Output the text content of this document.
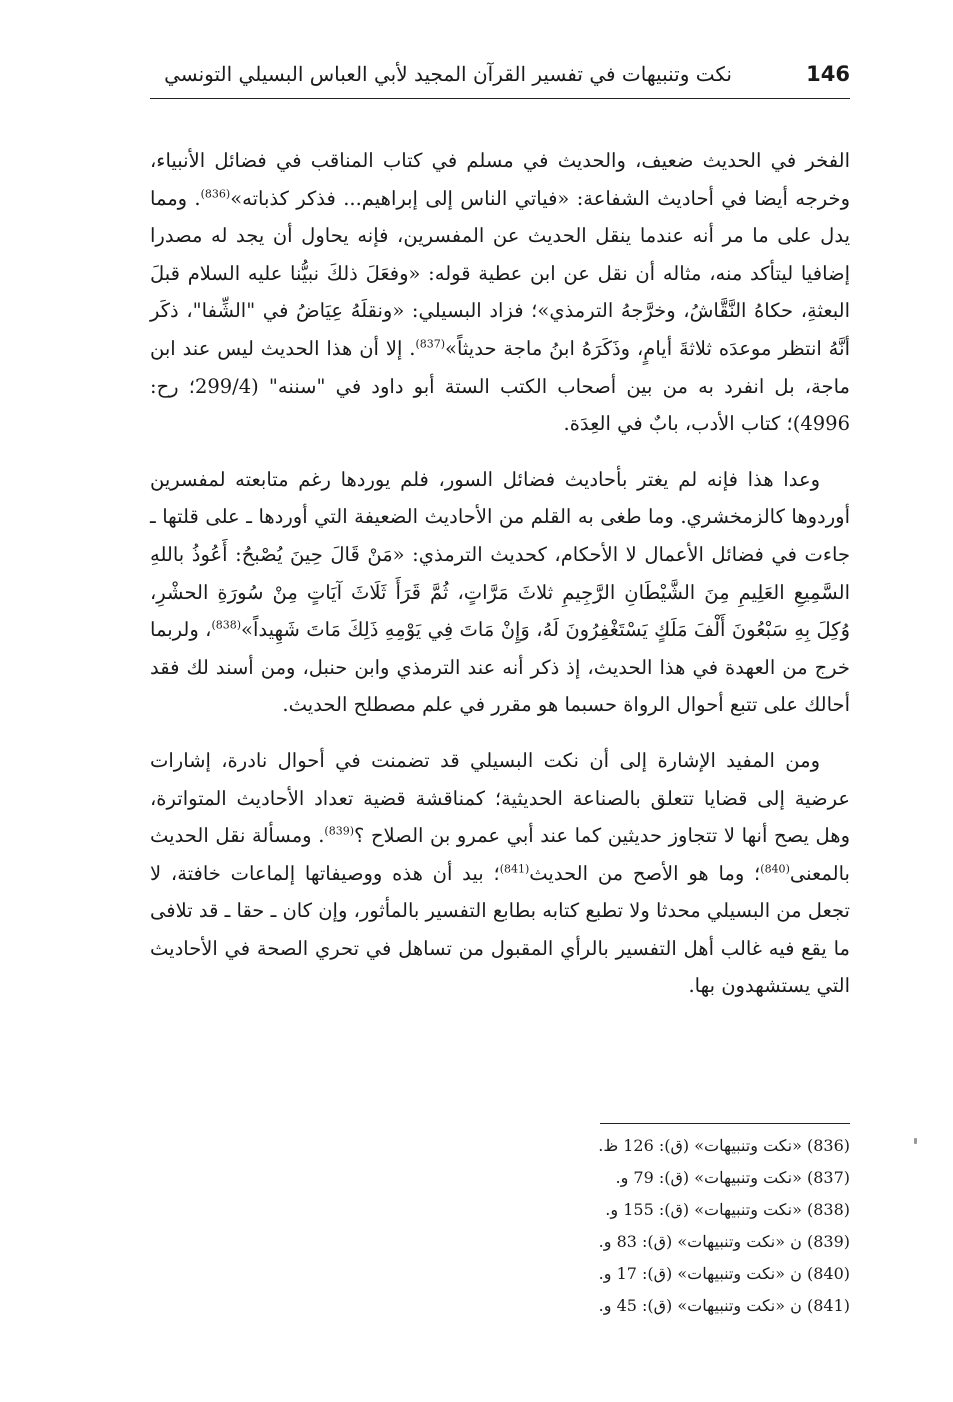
146
نكت وتنبيهات في تفسير القرآن المجيد لأبي العباس البسيلي التونسي

الفخر في الحديث ضعيف، والحديث في مسلم في كتاب المناقب في فضائل الأنبياء، وخرجه أيضا في أحاديث الشفاعة: «فياتي الناس إلى إبراهيم... فذكر كذباته»$^{(836)}$. ومما يدل على ما مر أنه عندما ينقل الحديث عن المفسرين، فإنه يحاول أن يجد له مصدرا إضافيا ليتأكد منه، مثاله أن نقل عن ابن عطية قوله: «وفعَلَ ذلكَ نبيُّنا عليه السلام قبلَ البعثةِ، حكاهُ النَّقَّاشُ، وخرَّجهُ الترمذي»؛ فزاد البسيلي: «ونقلَهُ عِيَاضُ في "الشِّفا"، ذكَر أنَّهُ انتظر موعدَه ثلاثةَ أيامٍ، وذَكَرَهُ ابنُ ماجة حديثاً»$^{(837)}$. إلا أن هذا الحديث ليس عند ابن ماجة، بل انفرد به من بين أصحاب الكتب الستة أبو داود في "سننه" (299/4؛ رح: 4996)؛ كتاب الأدب، بابٌ في العِدَة.

وعدا هذا فإنه لم يغتر بأحاديث فضائل السور، فلم يوردها رغم متابعته لمفسرين أوردوها كالزمخشري. وما طغى به القلم من الأحاديث الضعيفة التي أوردها ـ على قلتها ـ جاءت في فضائل الأعمال لا الأحكام، كحديث الترمذي: «مَنْ قَالَ حِينَ يُصْبحُ: أَعُوذُ باللهِ السَّمِيعِ العَلِيمِ مِنَ الشَّيْطَانِ الرَّجِيمِ ثلاثَ مَرَّاتٍ، ثُمَّ قَرَأَ ثَلَاثَ آيَاتٍ مِنْ سُورَةِ الحشْرِ، وُكِلَ بِهِ سَبْعُونَ أَلْفَ مَلَكٍ يَسْتَغْفِرُونَ لَهُ، وَإِنْ مَاتَ فِي يَوْمِهِ ذَلِكَ مَاتَ شَهِيداً»$^{(838)}$، ولربما خرج من العهدة في هذا الحديث، إذ ذكر أنه عند الترمذي وابن حنبل، ومن أسند لك فقد أحالك على تتبع أحوال الرواة حسبما هو مقرر في علم مصطلح الحديث.

ومن المفيد الإشارة إلى أن نكت البسيلي قد تضمنت في أحوال نادرة، إشارات عرضية إلى قضايا تتعلق بالصناعة الحديثية؛ كمناقشة قضية تعداد الأحاديث المتواترة، وهل يصح أنها لا تتجاوز حديثين كما عند أبي عمرو بن الصلاح ؟$^{(839)}$. ومسألة نقل الحديث بالمعنى$^{(840)}$؛ وما هو الأصح من الحديث$^{(841)}$؛ بيد أن هذه ووصيفاتها إلماعات خافتة، لا تجعل من البسيلي محدثا ولا تطبع كتابه بطابع التفسير بالمأثور، وإن كان ـ حقا ـ قد تلافى ما يقع فيه غالب أهل التفسير بالرأي المقبول من تساهل في تحري الصحة في الأحاديث التي يستشهدون بها.

(836) «نكت وتنبيهات» (ق): 126 ظ.
(837) «نكت وتنبيهات» (ق): 79 و.
(838) «نكت وتنبيهات» (ق): 155 و.
(839) ن «نكت وتنبيهات» (ق): 83 و.
(840) ن «نكت وتنبيهات» (ق): 17 و.
(841) ن «نكت وتنبيهات» (ق): 45 و.
